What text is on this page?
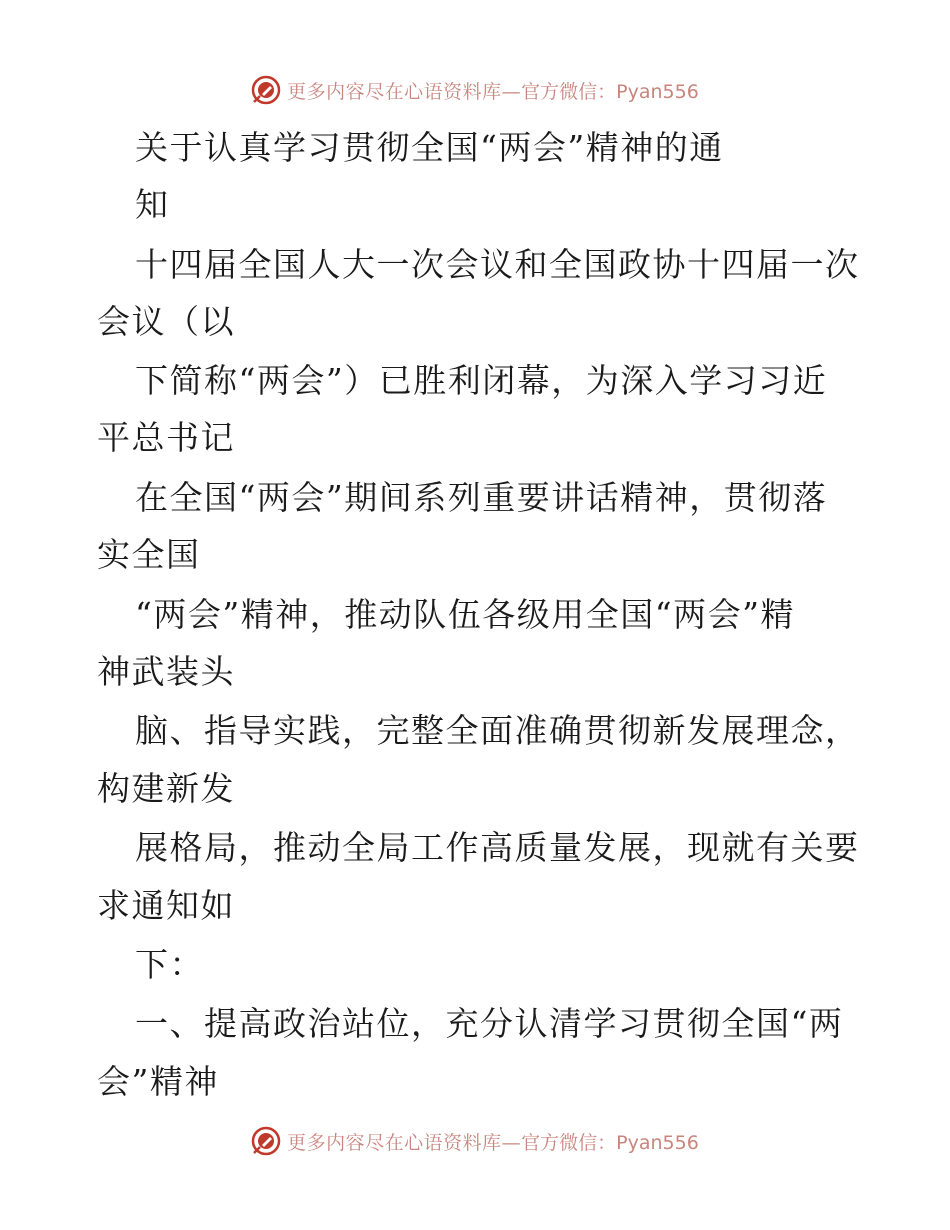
更多内容尽在心语资料库— 官方微信：Pyan556
关于认真学习贯彻全国“两会”精神的通
知
十四届全国人大一次会议和全国政协十四届一次
会议（以
下简称“两会”）已胜利闭幕，为深入学习习近
平总书记
在全国“两会”期间系列重要讲话精神，贯彻落
实全国
“两会”精神，推动队伍各级用全国“两会”精
神武装头
脑、指导实践，完整全面准确贯彻新发展理念，
构建新发
展格局，推动全局工作高质量发展，现就有关要
求通知如
下：
一、提高政治站位，充分认清学习贯彻全国“两
会”精神
更多内容尽在心语资料库— 官方微信：Pyan556
